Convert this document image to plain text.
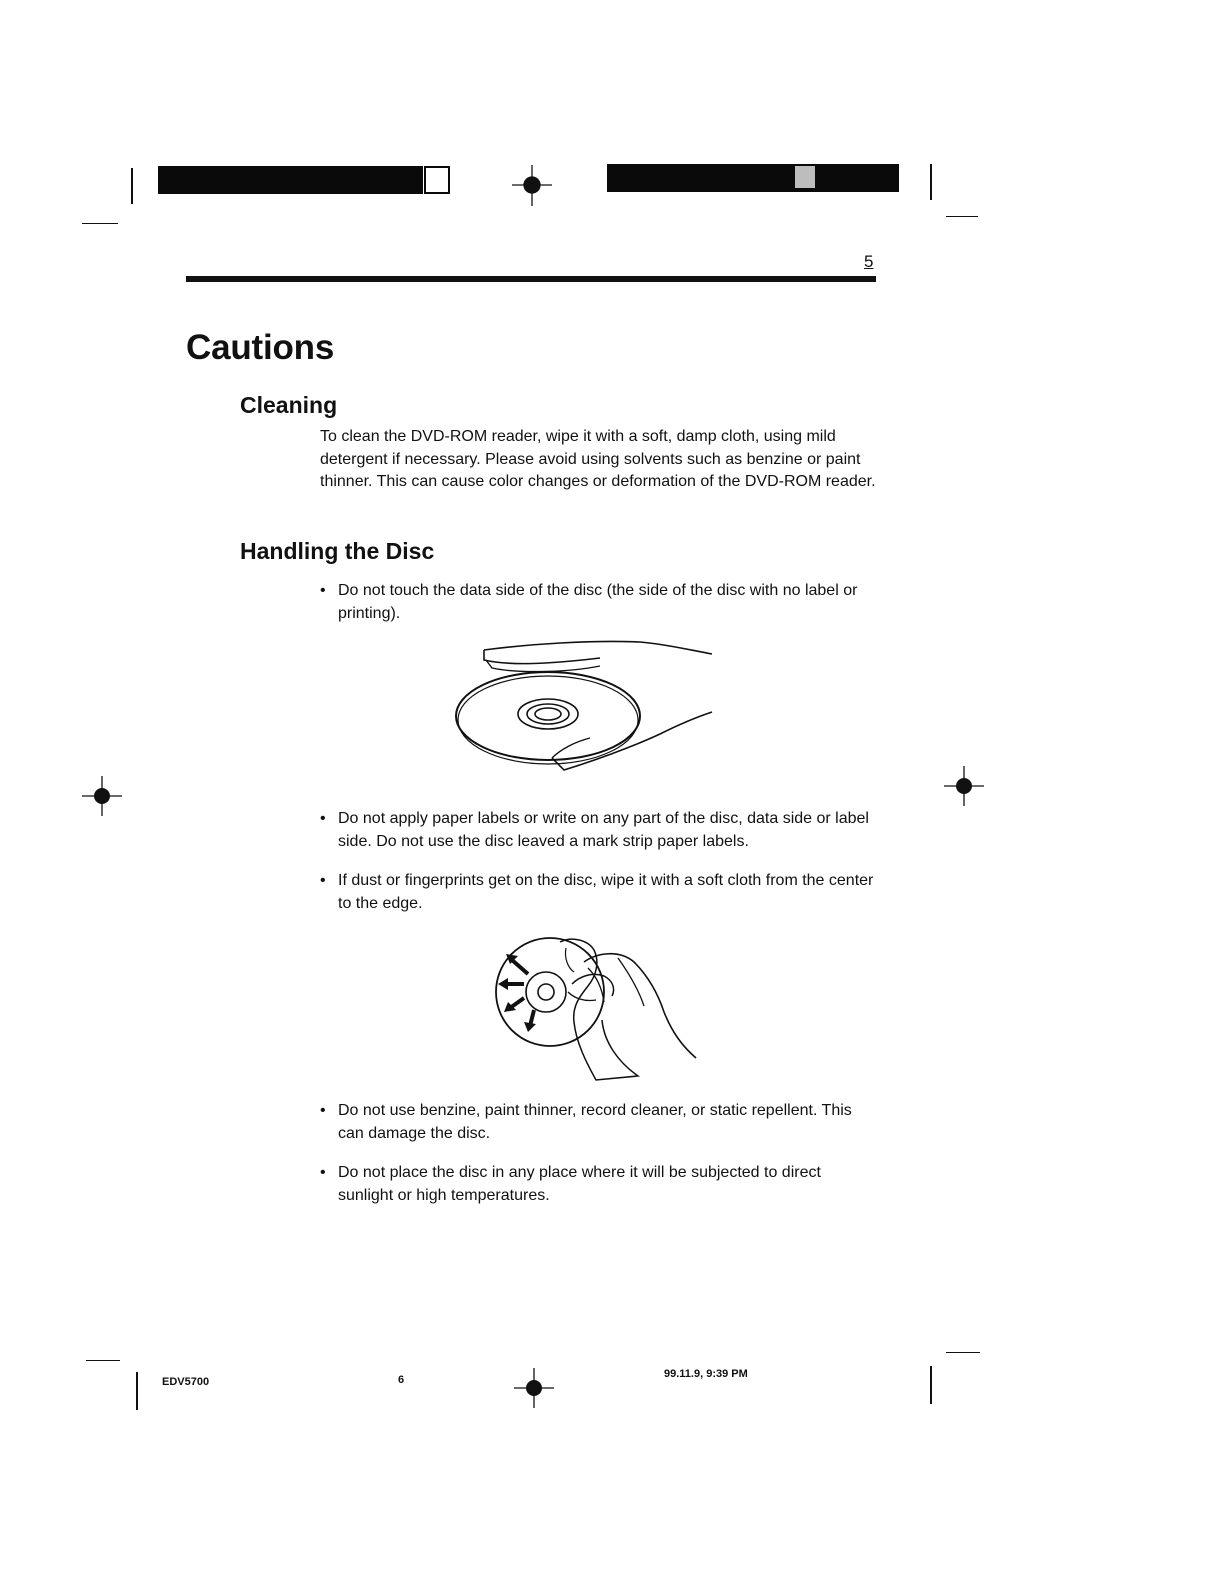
5
Cautions
Cleaning

To clean the DVD-ROM reader, wipe it with a soft, damp cloth, using mild detergent if necessary. Please avoid using solvents such as benzine or paint thinner. This can cause color changes or deformation of the DVD-ROM reader.

Handling the Disc
• Do not touch the data side of the disc (the side of the disc with no label or printing).
• Do not apply paper labels or write on any part of the disc, data side or label side. Do not use the disc leaved a mark strip paper labels.
• If dust or fingerprints get on the disc, wipe it with a soft cloth from the center to the edge.
• Do not use benzine, paint thinner, record cleaner, or static repellent. This can damage the disc.
• Do not place the disc in any place where it will be subjected to direct sunlight or high temperatures.
EDV5700	6	99.11.9, 9:39 PM
